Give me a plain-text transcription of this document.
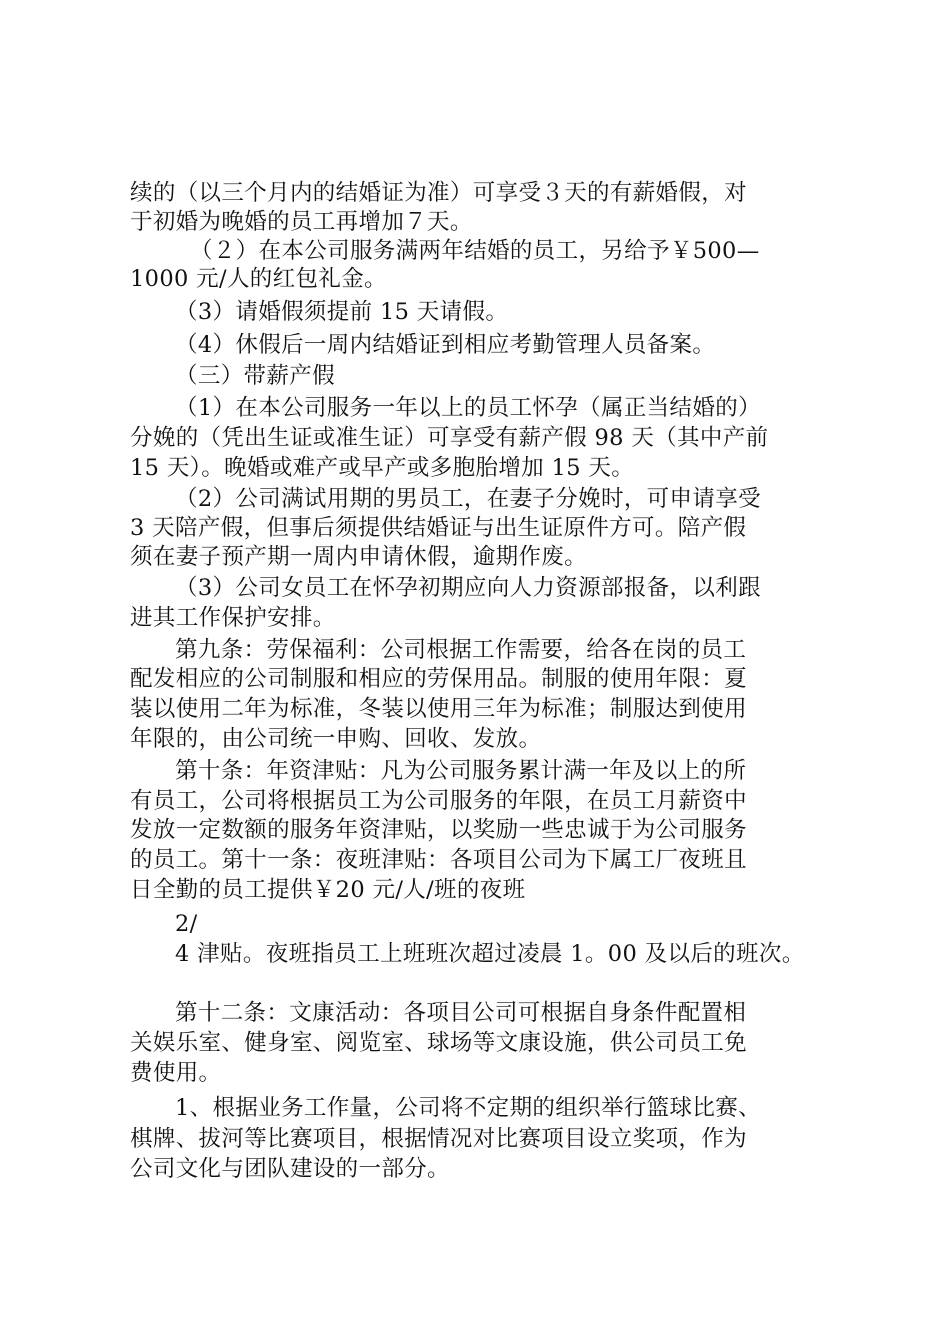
续的（以三个月内的结婚证为准）可享受３天的有薪婚假，对
于初婚为晚婚的员工再增加７天。
（２）在本公司服务满两年结婚的员工，另给予￥500—
1000 元/人的红包礼金。
（3）请婚假须提前 15 天请假。
（4）休假后一周内结婚证到相应考勤管理人员备案。
（三）带薪产假
（1）在本公司服务一年以上的员工怀孕（属正当结婚的）
分娩的（凭出生证或准生证）可享受有薪产假 98 天（其中产前
15 天）。晚婚或难产或早产或多胞胎增加 15 天。
（2）公司满试用期的男员工，在妻子分娩时，可申请享受
3 天陪产假，但事后须提供结婚证与出生证原件方可。陪产假
须在妻子预产期一周内申请休假，逾期作废。
（3）公司女员工在怀孕初期应向人力资源部报备，以利跟
进其工作保护安排。
第九条：劳保福利：公司根据工作需要，给各在岗的员工
配发相应的公司制服和相应的劳保用品。制服的使用年限：夏
装以使用二年为标准，冬装以使用三年为标准；制服达到使用
年限的，由公司统一申购、回收、发放。
第十条：年资津贴：凡为公司服务累计满一年及以上的所
有员工，公司将根据员工为公司服务的年限，在员工月薪资中
发放一定数额的服务年资津贴，以奖励一些忠诚于为公司服务
的员工。第十一条：夜班津贴：各项目公司为下属工厂夜班且
日全勤的员工提供￥20 元/人/班的夜班
2/
4 津贴。夜班指员工上班班次超过凌晨 1。00 及以后的班次。
第十二条：文康活动：各项目公司可根据自身条件配置相
关娱乐室、健身室、阅览室、球场等文康设施，供公司员工免
费使用。
1、根据业务工作量，公司将不定期的组织举行篮球比赛、
棋牌、拔河等比赛项目，根据情况对比赛项目设立奖项，作为
公司文化与团队建设的一部分。
